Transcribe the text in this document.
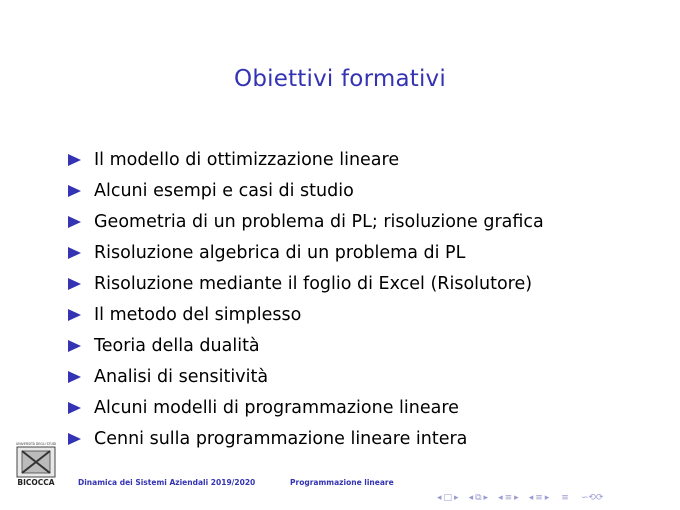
Obiettivi formativi
Il modello di ottimizzazione lineare
Alcuni esempi e casi di studio
Geometria di un problema di PL; risoluzione grafica
Risoluzione algebrica di un problema di PL
Risoluzione mediante il foglio di Excel (Risolutore)
Il metodo del simplesso
Teoria della dualità
Analisi di sensitività
Alcuni modelli di programmazione lineare
Cenni sulla programmazione lineare intera
UNIVERSITÀ DEGLI STUDI
BICOCCA	Dinamica dei Sistemi Aziendali 2019/2020	Programmazione lineare
◂ □ ▸ ◂ ⧉ ▸ ◂ ≡ ▸ ◂ ≡ ▸ ≡ ∽⟲⟳
